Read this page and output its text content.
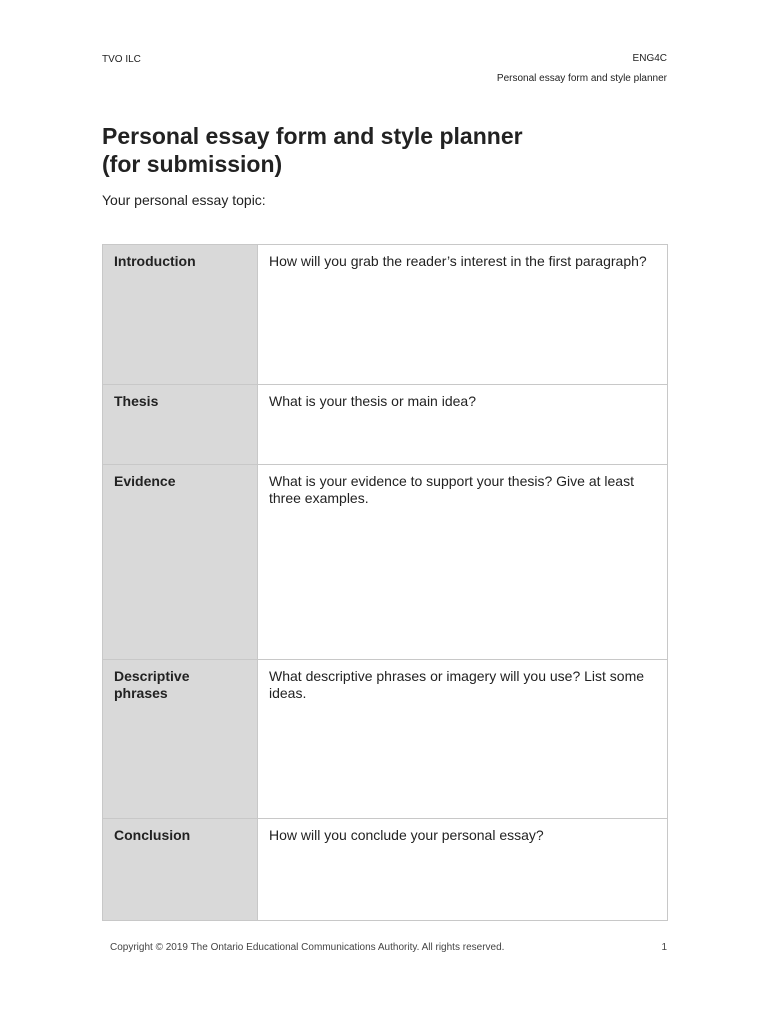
TVO ILC	ENG4C
Personal essay form and style planner
Personal essay form and style planner
(for submission)
Your personal essay topic:
Introduction	How will you grab the reader’s interest in the first paragraph?
Thesis	What is your thesis or main idea?
Evidence	What is your evidence to support your thesis? Give at least three examples.
Descriptive phrases	What descriptive phrases or imagery will you use? List some ideas.
Conclusion	How will you conclude your personal essay?
Copyright © 2019 The Ontario Educational Communications Authority. All rights reserved.	1
